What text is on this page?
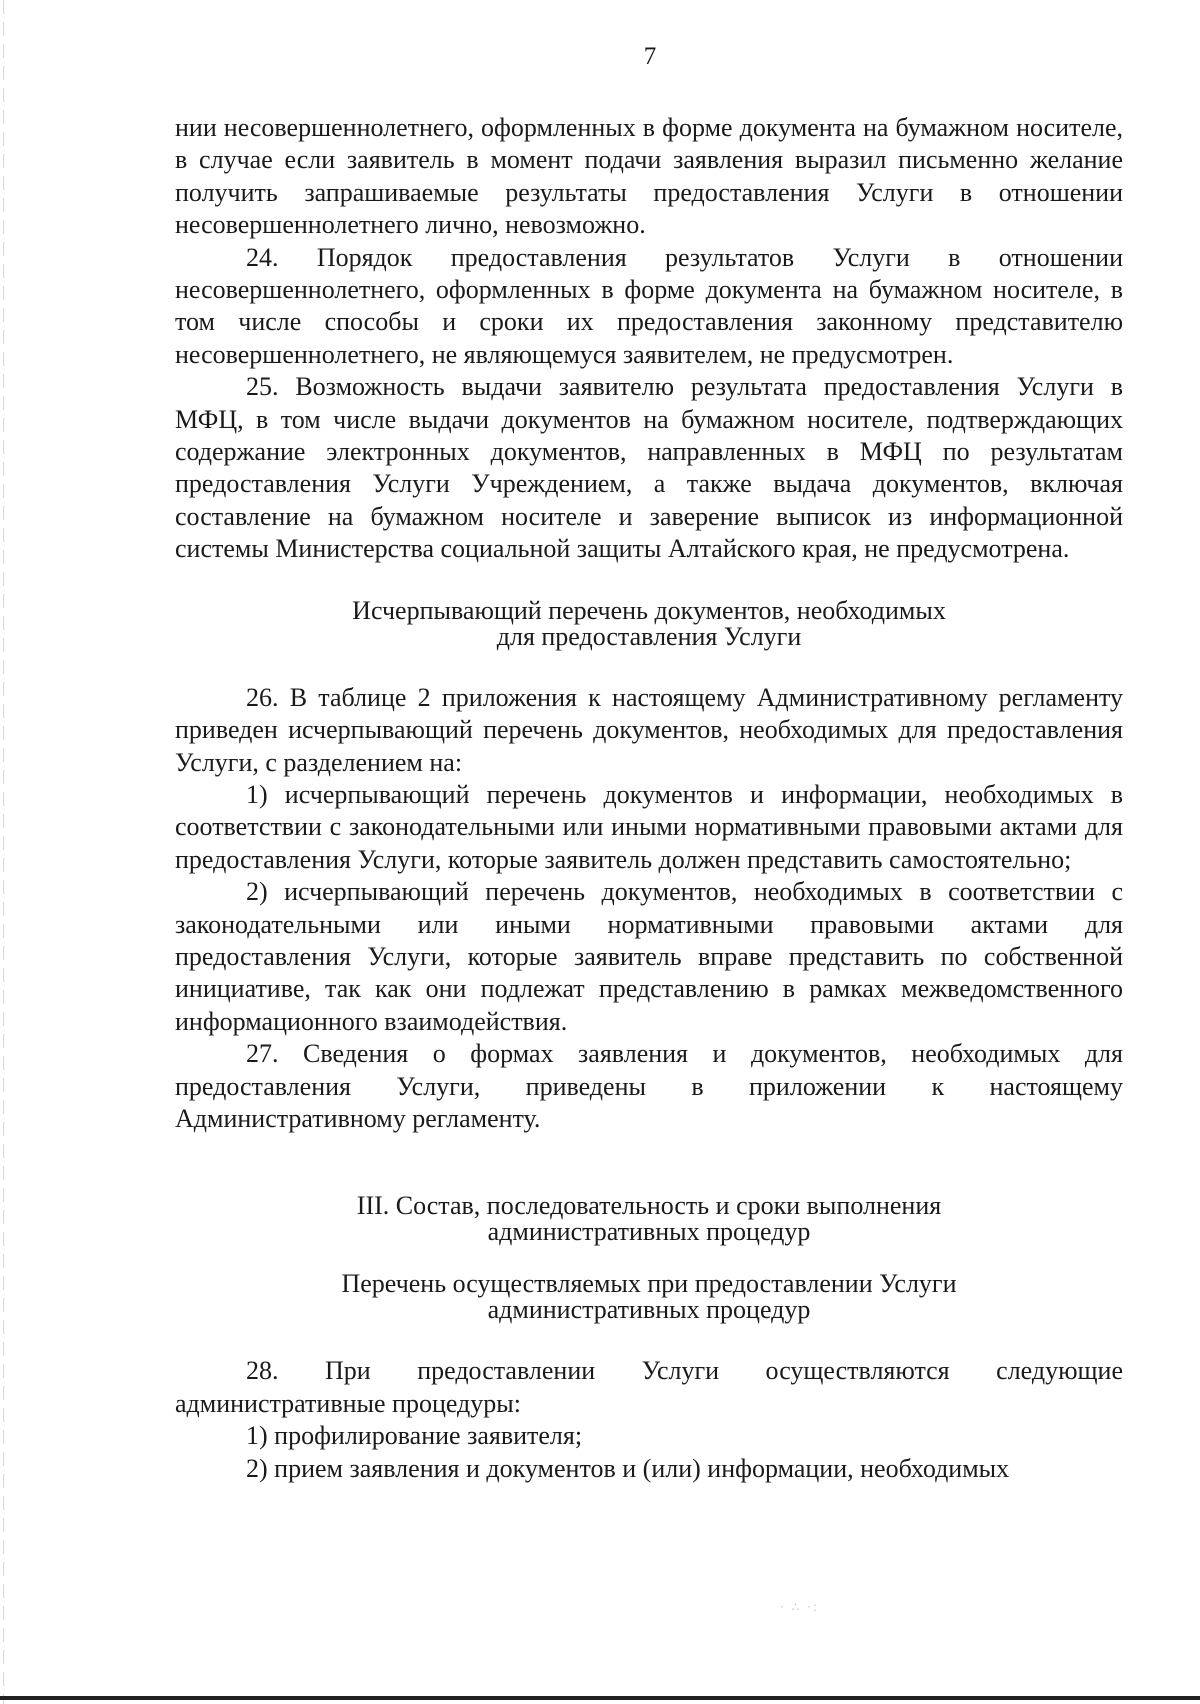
7

нии несовершеннолетнего, оформленных в форме документа на бумажном носителе, в случае если заявитель в момент подачи заявления выразил письменно желание получить запрашиваемые результаты предоставления Услуги в отношении несовершеннолетнего лично, невозможно.

24. Порядок предоставления результатов Услуги в отношении несовершеннолетнего, оформленных в форме документа на бумажном носителе, в том числе способы и сроки их предоставления законному представителю несовершеннолетнего, не являющемуся заявителем, не предусмотрен.

25. Возможность выдачи заявителю результата предоставления Услуги в МФЦ, в том числе выдачи документов на бумажном носителе, подтверждающих содержание электронных документов, направленных в МФЦ по результатам предоставления Услуги Учреждением, а также выдача документов, включая составление на бумажном носителе и заверение выписок из информационной системы Министерства социальной защиты Алтайского края, не предусмотрена.

Исчерпывающий перечень документов, необходимых

для предоставления Услуги

26. В таблице 2 приложения к настоящему Административному регламенту приведен исчерпывающий перечень документов, необходимых для предоставления Услуги, с разделением на:

1) исчерпывающий перечень документов и информации, необходимых в соответствии с законодательными или иными нормативными правовыми актами для предоставления Услуги, которые заявитель должен представить самостоятельно;

2) исчерпывающий перечень документов, необходимых в соответствии с законодательными или иными нормативными правовыми актами для предоставления Услуги, которые заявитель вправе представить по собственной инициативе, так как они подлежат представлению в рамках межведомственного информационного взаимодействия.

27. Сведения о формах заявления и документов, необходимых для предоставления Услуги, приведены в приложении к настоящему Административному регламенту.

III. Состав, последовательность и сроки выполнения

административных процедур

Перечень осуществляемых при предоставлении Услуги

административных процедур

28. При предоставлении Услуги осуществляются следующие административные процедуры:

1) профилирование заявителя;

2) прием заявления и документов и (или) информации, необходимых

· ∴ ·:
